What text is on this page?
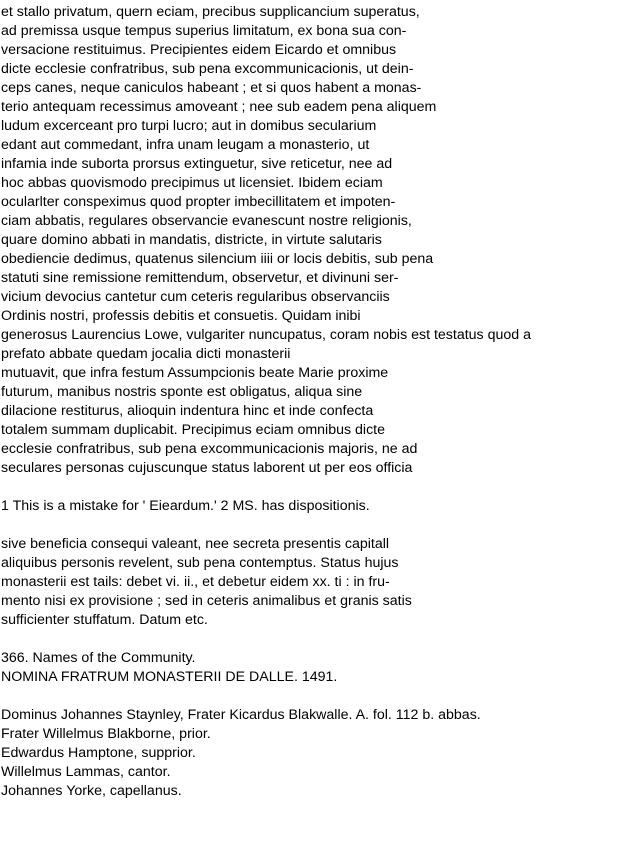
et stallo privatum, quern eciam, precibus supplicancium superatus,
ad premissa usque tempus superius limitatum, ex bona sua con-
versacione restituimus. Precipientes eidem Eicardo et omnibus
dicte ecclesie confratribus, sub pena excommunicacionis, ut dein-
ceps canes, neque caniculos habeant ; et si quos habent a monas-
terio antequam recessimus amoveant ; nee sub eadem pena aliquem
ludum excerceant pro turpi lucro; aut in domibus secularium
edant aut commedant, infra unam leugam a monasterio, ut
infamia inde suborta prorsus extinguetur, sive reticetur, nee ad
hoc abbas quovismodo precipimus ut licensiet. Ibidem eciam
ocularlter conspeximus quod propter imbecillitatem et impoten-
ciam abbatis, regulares observancie evanescunt nostre religionis,
quare domino abbati in mandatis, districte, in virtute salutaris
obediencie dedimus, quatenus silencium iiii or locis debitis, sub pena
statuti sine remissione remittendum, observetur, et divinuni ser-
vicium devocius cantetur cum ceteris regularibus observanciis
Ordinis nostri, professis debitis et consuetis. Quidam inibi
generosus Laurencius Lowe, vulgariter nuncupatus, coram nobis est testatus quod a
prefato abbate quedam jocalia dicti monasterii
mutuavit, que infra festum Assumpcionis beate Marie proxime
futurum, manibus nostris sponte est obligatus, aliqua sine
dilacione restiturus, alioquin indentura hinc et inde confecta
totalem summam duplicabit. Precipimus eciam omnibus dicte
ecclesie confratribus, sub pena excommunicacionis majoris, ne ad
seculares personas cujuscunque status laborent ut per eos officia
1 This is a mistake for ' Eieardum.' 2 MS. has dispositionis.
sive beneficia consequi valeant, nee secreta presentis capitall
aliquibus personis revelent, sub pena contemptus. Status hujus
monasterii est tails: debet vi. ii., et debetur eidem xx. ti : in fru-
mento nisi ex provisione ; sed in ceteris animalibus et granis satis
sufficienter stuffatum. Datum etc.
366. Names of the Community.
NOMINA FRATRUM MONASTERII DE DALLE. 1491.
Dominus Johannes Staynley, Frater Kicardus Blakwalle. A. fol. 112 b. abbas.
Frater Willelmus Blakborne, prior.
Edwardus Hamptone, supprior.
Willelmus Lammas, cantor.
Johannes Yorke, capellanus.
